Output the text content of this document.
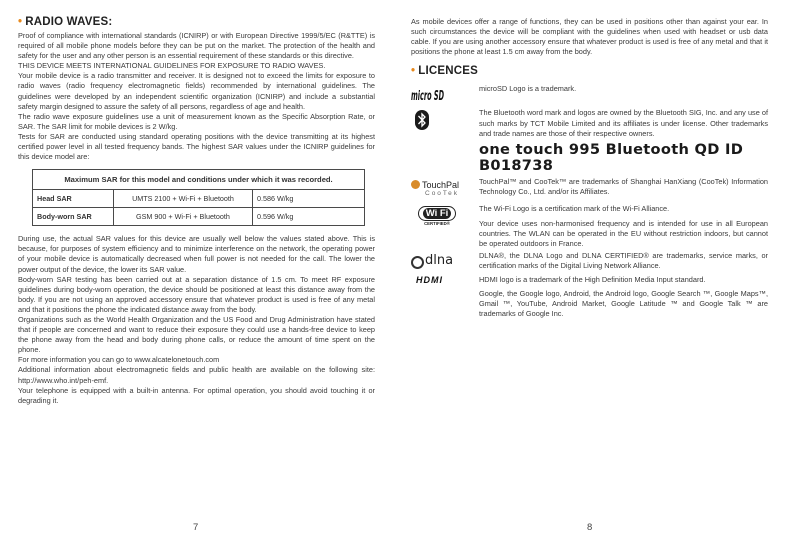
• RADIO WAVES:

Proof of compliance with international standards (ICNIRP) or with European Directive 1999/5/EC (R&TTE) is required of all mobile phone models before they can be put on the market. The protection of the health and safety for the user and any other person is an essential requirement of these standards or this directive.

THIS DEVICE MEETS INTERNATIONAL GUIDELINES FOR EXPOSURE TO RADIO WAVES.

Your mobile device is a radio transmitter and receiver. It is designed not to exceed the limits for exposure to radio waves (radio frequency electromagnetic fields) recommended by international guidelines. The guidelines were developed by an independent scientific organization (ICNIRP) and include a substantial safety margin designed to assure the safety of all persons, regardless of age and health.

The radio wave exposure guidelines use a unit of measurement known as the Specific Absorption Rate, or SAR. The SAR limit for mobile devices is 2 W/kg.

Tests for SAR are conducted using standard operating positions with the device transmitting at its highest certified power level in all tested frequency bands. The highest SAR values under the ICNIRP guidelines for this device model are:

Maximum SAR for this model and conditions under which it was recorded.		
Head SAR	UMTS 2100 + Wi-Fi + Bluetooth	0.586 W/kg
Body-worn SAR	GSM 900 + Wi-Fi + Bluetooth	0.596 W/kg

During use, the actual SAR values for this device are usually well below the values stated above. This is because, for purposes of system efficiency and to minimize interference on the network, the operating power of your mobile device is automatically decreased when full power is not needed for the call. The lower the power output of the device, the lower its SAR value.

Body-worn SAR testing has been carried out at a separation distance of 1.5 cm. To meet RF exposure guidelines during body-worn operation, the device should be positioned at least this distance away from the body. If you are not using an approved accessory ensure that whatever product is used is free of any metal and that it positions the phone the indicated distance away from the body.

Organizations such as the World Health Organization and the US Food and Drug Administration have stated that if people are concerned and want to reduce their exposure they could use a hands-free device to keep the phone away from the head and body during phone calls, or reduce the amount of time spent on the phone.

For more information you can go to www.alcatelonetouch.com

Additional information about electromagnetic fields and public health are available on the following site: http://www.who.int/peh-emf.

Your telephone is equipped with a built-in antenna. For optimal operation, you should avoid touching it or degrading it.

7

As mobile devices offer a range of functions, they can be used in positions other than against your ear. In such circumstances the device will be compliant with the guidelines when used with headset or usb data cable. If you are using another accessory ensure that whatever product is used is free of any metal and that it positions the phone at least 1.5 cm away from the body.

• LICENCES

micro SD

microSD Logo is a trademark.

The Bluetooth word mark and logos are owned by the Bluetooth SIG, Inc. and any use of such marks by TCT Mobile Limited and its affiliates is under license. Other trademarks and trade names are those of their respective owners.

one touch 995 Bluetooth QD ID B018738

TouchPal
CooTek

TouchPal™ and CooTek™ are trademarks of Shanghai HanXiang (CooTek) Information Technology Co., Ltd. and/or its Affiliates.

Wi Fi
CERTIFIED®

The Wi-Fi Logo is a certification mark of the Wi-Fi Alliance.

Your device uses non-harmonised frequency and is intended for use in all European countries. The WLAN can be operated in the EU without restriction indoors, but cannot be operated outdoors in France.

dlna	DLNA®, the DLNA Logo and DLNA CERTIFIED® are trademarks, service marks, or certification marks of the Digital Living Network Alliance.

HDMI	HDMI logo is a trademark of the High Definition Media Input standard.

Google, the Google logo, Android, the Android logo, Google Search ™, Google Maps™, Gmail ™, YouTube, Android Market, Google Latitude ™ and Google Talk ™ are trademarks of Google Inc.

8
